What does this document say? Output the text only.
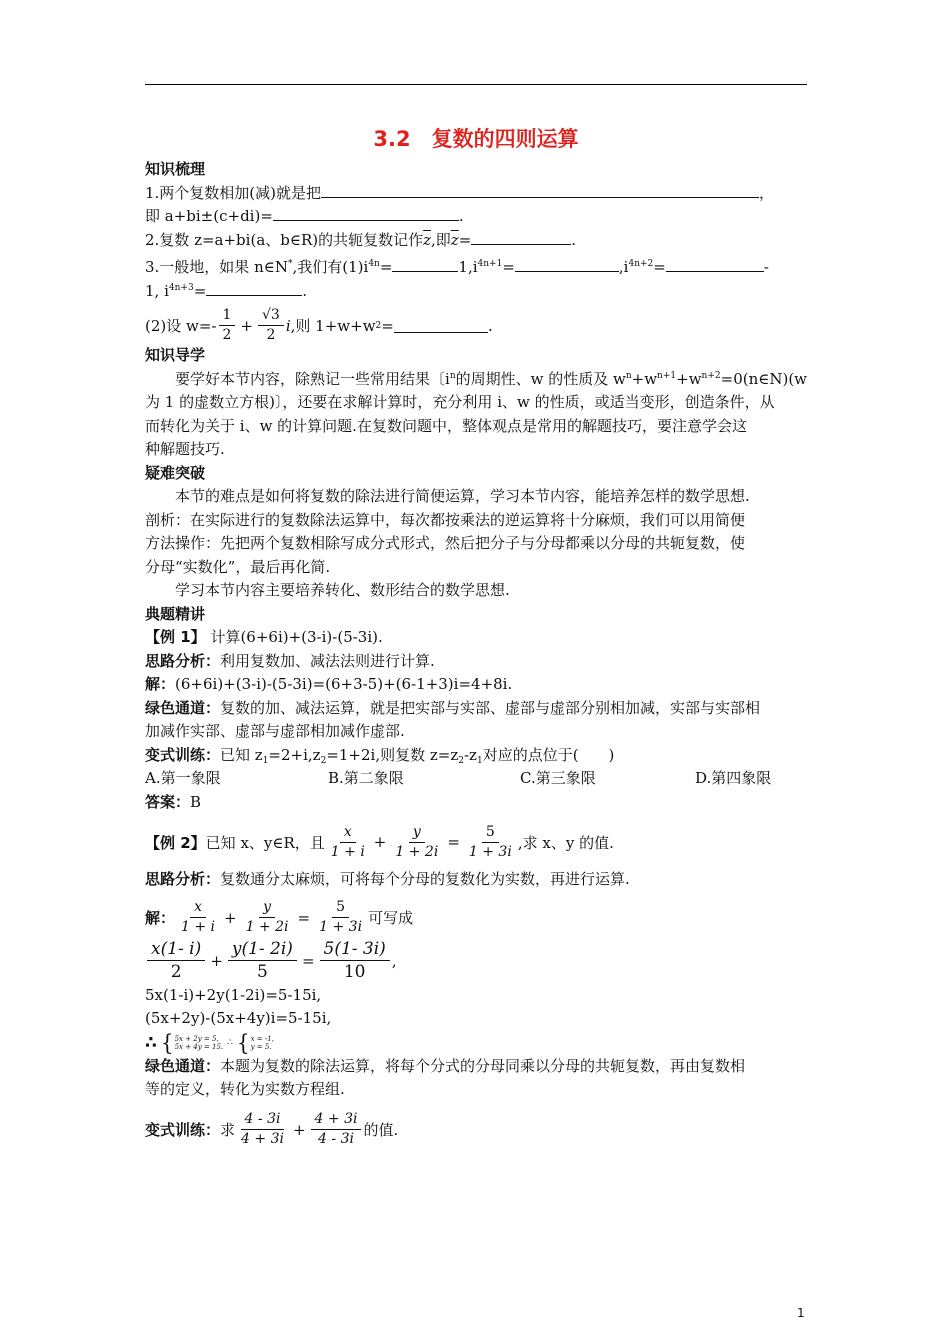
3.2　复数的四则运算
知识梳理
1.两个复数相加(减)就是把	，
即 a+bi±(c+di)=	.
2.复数 z=a+bi(a、b∈R)的共轭复数记作$\overline{z}$,即$\overline{z}=$	.
3.一般地，如果 n∈N*,我们有$(1)i^{4n}=$	$1,i^{4n+1}=$	$,i^{4n+2}=$	-
1, $i^{4n+3}=$	.
(2)设 $w=- \frac{1}{2} + \frac{√3}{2}$ i ,则 1+w+w 2 =	.
知识导学
要学好本节内容，除熟记一些常用结果〔$i^n$的周期性、w 的性质及 $w^n+w^{n+1}+w^{n+2}=0(n\in N)(w$
为 1 的虚数立方根)〕，还要在求解计算时，充分利用 i、w 的性质，或适当变形，创造条件，从
而转化为关于 i、w 的计算问题.在复数问题中，整体观点是常用的解题技巧，要注意学会这
种解题技巧.
疑难突破
本节的难点是如何将复数的除法进行简便运算，学习本节内容，能培养怎样的数学思想.
剖析：在实际进行的复数除法运算中，每次都按乘法的逆运算将十分麻烦，我们可以用简便
方法操作：先把两个复数相除写成分式形式，然后把分子与分母都乘以分母的共轭复数，使
分母“实数化”，最后再化简.
学习本节内容主要培养转化、数形结合的数学思想.
典题精讲
【例 1】 计算(6+6i)+(3-i)-(5-3i).
思路分析：利用复数加、减法法则进行计算.
解：(6+6i)+(3-i)-(5-3i)=(6+3-5)+(6-1+3)i=4+8i.
绿色通道：复数的加、减法运算，就是把实部与实部、虚部与虚部分别相加减，实部与实部相
加减作实部、虚部与虚部相加减作虚部.
变式训练：已知 $z_1=2+i,z_2=1+2i$,则复数 $z=z_2-z_1$对应的点位于(　　)
A.第一象限	B.第二象限	C.第三象限	D.第四象限
答案：B
【例 2】 已知 x、y∈R，且 $\frac{x}{1 + i} + \frac{y}{1 + 2i} = \frac{5}{1 + 3i}$ ,求 x、y 的值.
思路分析：复数通分太麻烦，可将每个分母的复数化为实数，再进行运算.
解： $\frac{x}{1 + i} + \frac{y}{1 + 2i} = \frac{5}{1 + 3i}$ 可写成
$\frac{x(1- i)}{2} + \frac{y(1- 2i)}{5} = \frac{5(1- 3i)}{10}$ ,
5x(1-i)+2y(1-2i)=5-15i,
(5x+2y)-(5x+4y)i=5-15i,
∴ { 5x + 2y = 5,
5x + 4y = 15. ∴ { x = -1,
y = 5.
绿色通道：本题为复数的除法运算，将每个分式的分母同乘以分母的共轭复数，再由复数相
等的定义，转化为实数方程组.
变式训练： 求 $\frac{4 - 3i}{4 + 3i} + \frac{4 + 3i}{4 - 3i}$ 的值.
1
